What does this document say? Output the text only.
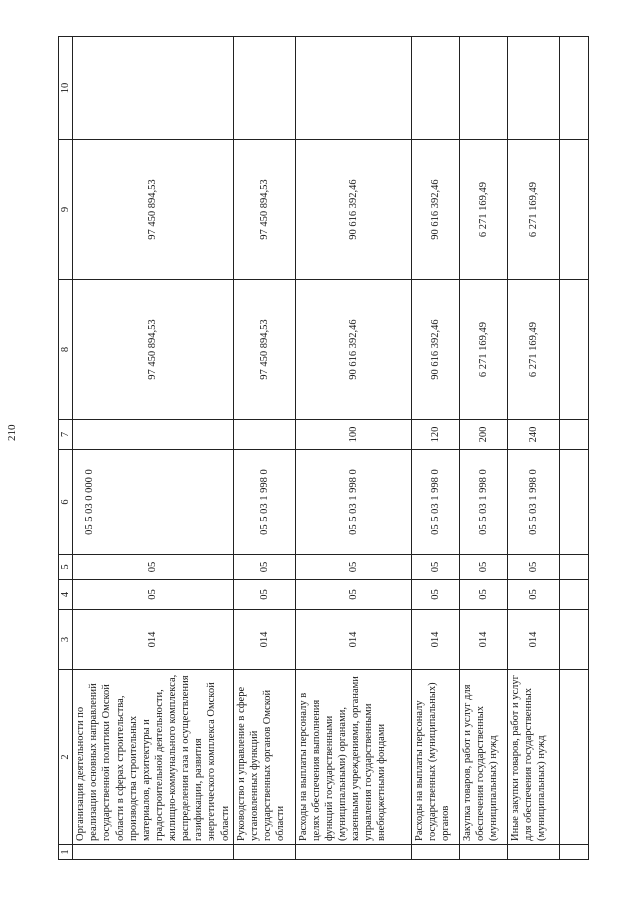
210
1	2	3	4	5	6	7	8	9	10
	Организация деятельности по реализации основных направлений государственной политики Омской области в сферах строительства, производства строительных материалов, архитектуры и градостроительной деятельности, жилищно-коммунального комплекса, распределения газа и осуществления газификации, развития энергетического комплекса Омской области	014	05	05	05 5 03 0 000 0		97 450 894,53	97 450 894,53	
	Руководство и управление в сфере установленных функций государственных органов Омской области	014	05	05	05 5 03 1 998 0		97 450 894,53	97 450 894,53	
	Расходы на выплаты персоналу в целях обеспечения выполнения функций государственными (муниципальными) органами, казенными учреждениями, органами управления государственными внебюджетными фондами	014	05	05	05 5 03 1 998 0	100	90 616 392,46	90 616 392,46	
	Расходы на выплаты персоналу государственных (муниципальных) органов	014	05	05	05 5 03 1 998 0	120	90 616 392,46	90 616 392,46	
	Закупка товаров, работ и услуг для обеспечения государственных (муниципальных) нужд	014	05	05	05 5 03 1 998 0	200	6 271 169,49	6 271 169,49	
	Иные закупки товаров, работ и услуг для обеспечения государственных (муниципальных) нужд	014	05	05	05 5 03 1 998 0	240	6 271 169,49	6 271 169,49	
